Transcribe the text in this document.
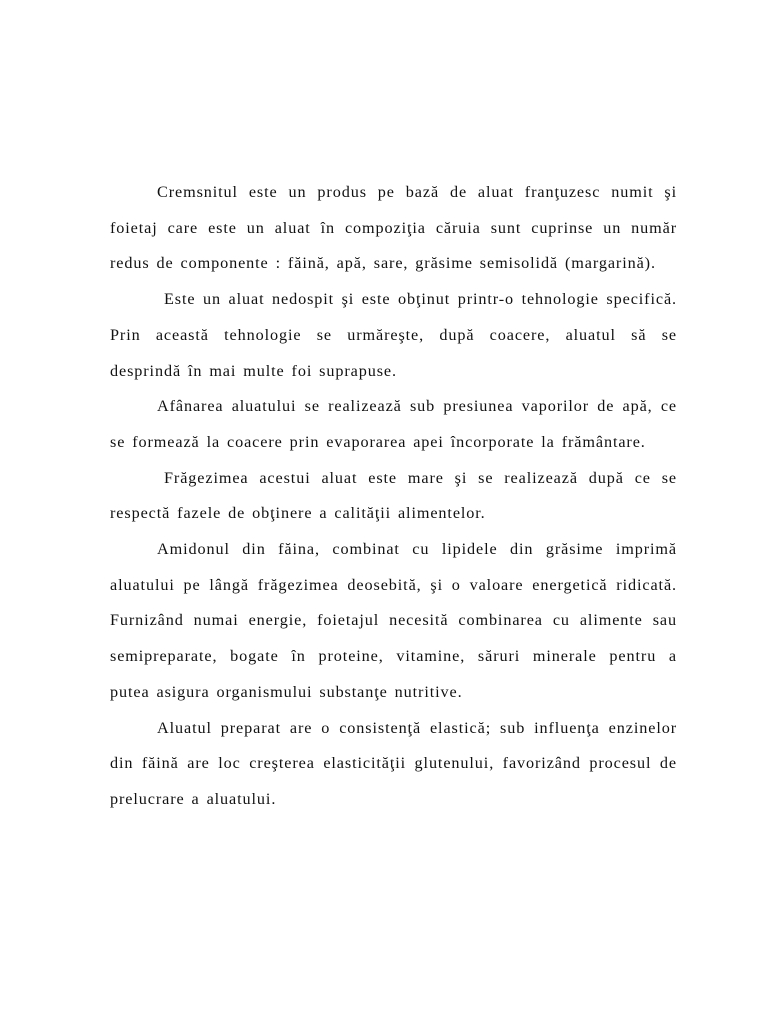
Cremsnitul este un produs pe bază de aluat franţuzesc numit şi foietaj care este un aluat în compoziţia căruia sunt cuprinse un număr redus de componente : făină, apă, sare, grăsime semisolidă (margarină).

Este un aluat nedospit şi este obţinut printr-o tehnologie specifică. Prin această tehnologie se urmăreşte, după coacere, aluatul să se desprindă în mai multe foi suprapuse.

Afânarea aluatului se realizează sub presiunea vaporilor de apă, ce se formează la coacere prin evaporarea apei încorporate la frământare.

Frăgezimea acestui aluat este mare şi se realizează după ce se respectă fazele de obţinere a calităţii alimentelor.

Amidonul din făina, combinat cu lipidele din grăsime imprimă aluatului pe lângă frăgezimea deosebită, şi o valoare energetică ridicată. Furnizând numai energie, foietajul necesită combinarea cu alimente sau semipreparate, bogate în proteine, vitamine, săruri minerale pentru a putea asigura organismului substanţe nutritive.

Aluatul preparat are o consistenţă elastică; sub influenţa enzinelor din făină are loc creşterea elasticităţii glutenului, favorizând procesul de prelucrare a aluatului.
